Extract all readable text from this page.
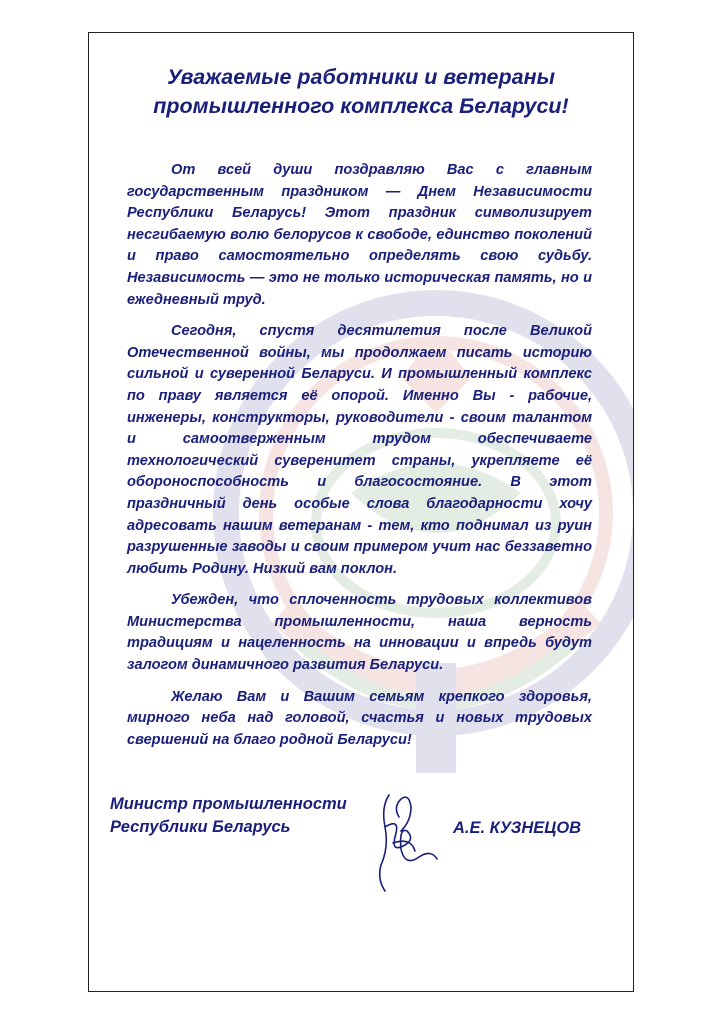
Уважаемые работники и ветераны
промышленного комплекса Беларуси!

От всей души поздравляю Вас с главным государственным праздником — Днем Независимости Республики Беларусь! Этот праздник символизирует несгибаемую волю белорусов к свободе, единство поколений и право самостоятельно определять свою судьбу. Независимость — это не только историческая память, но и ежедневный труд.

Сегодня, спустя десятилетия после Великой Отечественной войны, мы продолжаем писать историю сильной и суверенной Беларуси. И промышленный комплекс по праву является её опорой. Именно Вы - рабочие, инженеры, конструкторы, руководители - своим талантом и самоотверженным трудом обеспечиваете технологический суверенитет страны, укрепляете её обороноспособность и благосостояние. В этот праздничный день особые слова благодарности хочу адресовать нашим ветеранам - тем, кто поднимал из руин разрушенные заводы и своим примером учит нас беззаветно любить Родину. Низкий вам поклон.

Убежден, что сплоченность трудовых коллективов Министерства промышленности, наша верность традициям и нацеленность на инновации и впредь будут залогом динамичного развития Беларуси.

Желаю Вам и Вашим семьям крепкого здоровья, мирного неба над головой, счастья и новых трудовых свершений на благо родной Беларуси!

Министр промышленности
Республики Беларусь	А.Е. КУЗНЕЦОВ
